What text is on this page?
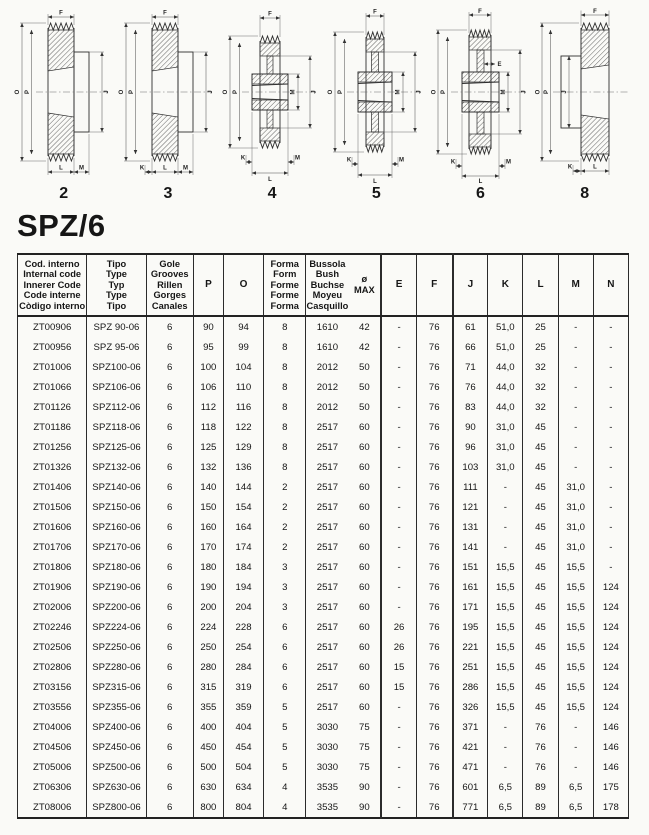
F
O P	J
L	M
2
F
O P	J
K	L	M
3
F
O P	M	J
K	M
L
4
F
O P	M	J
K	M
L
5
E
F
O P	M J
K	M
L
6
J
F
O P
K	L
8
SPZ/6
Cod. interno
Internal code
Innerer Code
Code interne
Còdigo interno

Tipo
Type
Typ
Type
Tipo

Gole
Grooves
Rillen
Gorges
Canales
	P	O	
Forma
Form
Forme
Forme
Forma

Bussola
Bush
Buchse
Moyeu
Casquillo
ø
MAX
	E	F	J	K	L	M	N
ZT00906	SPZ 90-06	6	90	94	8	1610 42	-	76	61	51,0	25	-	-
ZT00956	SPZ 95-06	6	95	99	8	1610 42	-	76	66	51,0	25	-	-
ZT01006	SPZ100-06	6	100	104	8	2012 50	-	76	71	44,0	32	-	-
ZT01066	SPZ106-06	6	106	110	8	2012 50	-	76	76	44,0	32	-	-
ZT01126	SPZ112-06	6	112	116	8	2012 50	-	76	83	44,0	32	-	-
ZT01186	SPZ118-06	6	118	122	8	2517 60	-	76	90	31,0	45	-	-
ZT01256	SPZ125-06	6	125	129	8	2517 60	-	76	96	31,0	45	-	-
ZT01326	SPZ132-06	6	132	136	8	2517 60	-	76	103	31,0	45	-	-
ZT01406	SPZ140-06	6	140	144	2	2517 60	-	76	111	-	45	31,0	-
ZT01506	SPZ150-06	6	150	154	2	2517 60	-	76	121	-	45	31,0	-
ZT01606	SPZ160-06	6	160	164	2	2517 60	-	76	131	-	45	31,0	-
ZT01706	SPZ170-06	6	170	174	2	2517 60	-	76	141	-	45	31,0	-
ZT01806	SPZ180-06	6	180	184	3	2517 60	-	76	151	15,5	45	15,5	-
ZT01906	SPZ190-06	6	190	194	3	2517 60	-	76	161	15,5	45	15,5	124
ZT02006	SPZ200-06	6	200	204	3	2517 60	-	76	171	15,5	45	15,5	124
ZT02246	SPZ224-06	6	224	228	6	2517 60	26	76	195	15,5	45	15,5	124
ZT02506	SPZ250-06	6	250	254	6	2517 60	26	76	221	15,5	45	15,5	124
ZT02806	SPZ280-06	6	280	284	6	2517 60	15	76	251	15,5	45	15,5	124
ZT03156	SPZ315-06	6	315	319	6	2517 60	15	76	286	15,5	45	15,5	124
ZT03556	SPZ355-06	6	355	359	5	2517 60	-	76	326	15,5	45	15,5	124
ZT04006	SPZ400-06	6	400	404	5	3030 75	-	76	371	-	76	-	146
ZT04506	SPZ450-06	6	450	454	5	3030 75	-	76	421	-	76	-	146
ZT05006	SPZ500-06	6	500	504	5	3030 75	-	76	471	-	76	-	146
ZT06306	SPZ630-06	6	630	634	4	3535 90	-	76	601	6,5	89	6,5	175
ZT08006	SPZ800-06	6	800	804	4	3535 90	-	76	771	6,5	89	6,5	178
